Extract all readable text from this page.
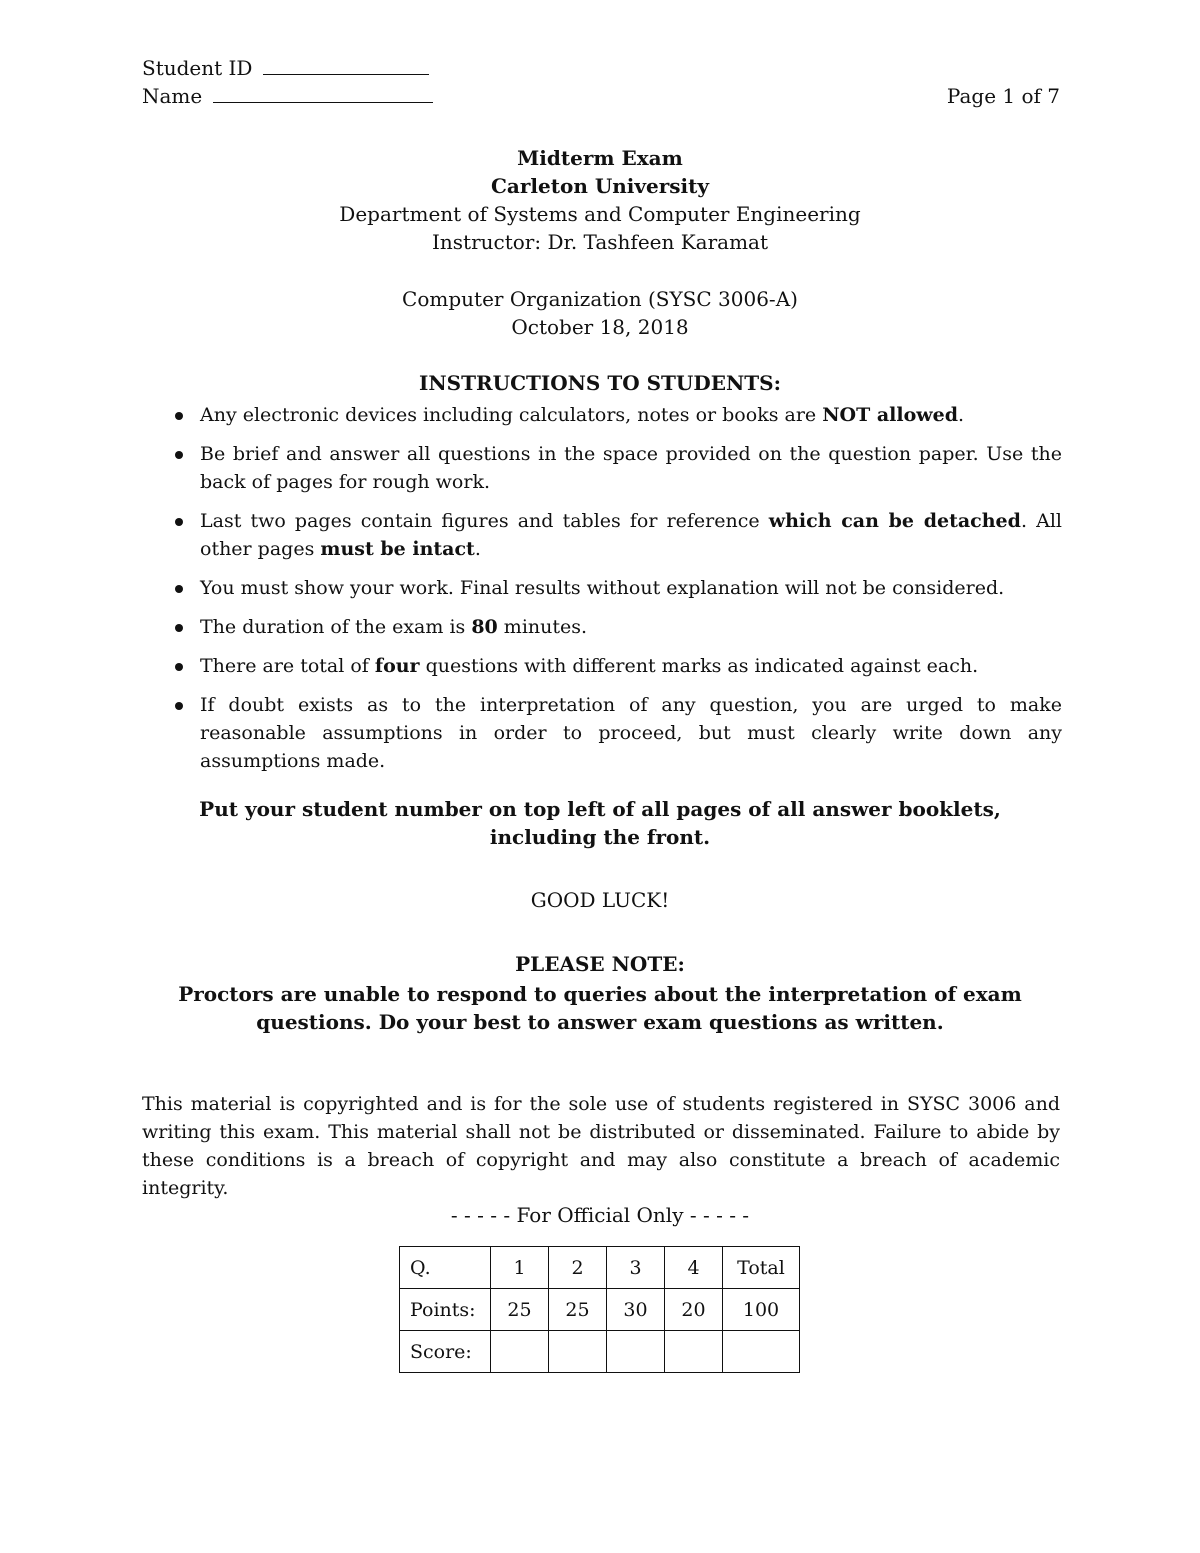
Student ID
Name	Page 1 of 7
Midterm Exam
Carleton University
Department of Systems and Computer Engineering
Instructor: Dr. Tashfeen Karamat
Computer Organization (SYSC 3006-A)
October 18, 2018
INSTRUCTIONS TO STUDENTS:
Any electronic devices including calculators, notes or books are NOT allowed.
Be brief and answer all questions in the space provided on the question paper. Use the back of pages for rough work.
Last two pages contain figures and tables for reference which can be detached. All other pages must be intact.
You must show your work. Final results without explanation will not be considered.
The duration of the exam is 80 minutes.
There are total of four questions with different marks as indicated against each.
If doubt exists as to the interpretation of any question, you are urged to make reasonable assumptions in order to proceed, but must clearly write down any assumptions made.
Put your student number on top left of all pages of all answer booklets,
including the front.
GOOD LUCK!
PLEASE NOTE:
Proctors are unable to respond to queries about the interpretation of exam
questions. Do your best to answer exam questions as written.
This material is copyrighted and is for the sole use of students registered in SYSC 3006 and writing this exam. This material shall not be distributed or disseminated. Failure to abide by these conditions is a breach of copyright and may also constitute a breach of academic integrity.
- - - - - For Official Only - - - - -
Q.	1	2	3	4	Total
Points:	25	25	30	20	100
Score:					
